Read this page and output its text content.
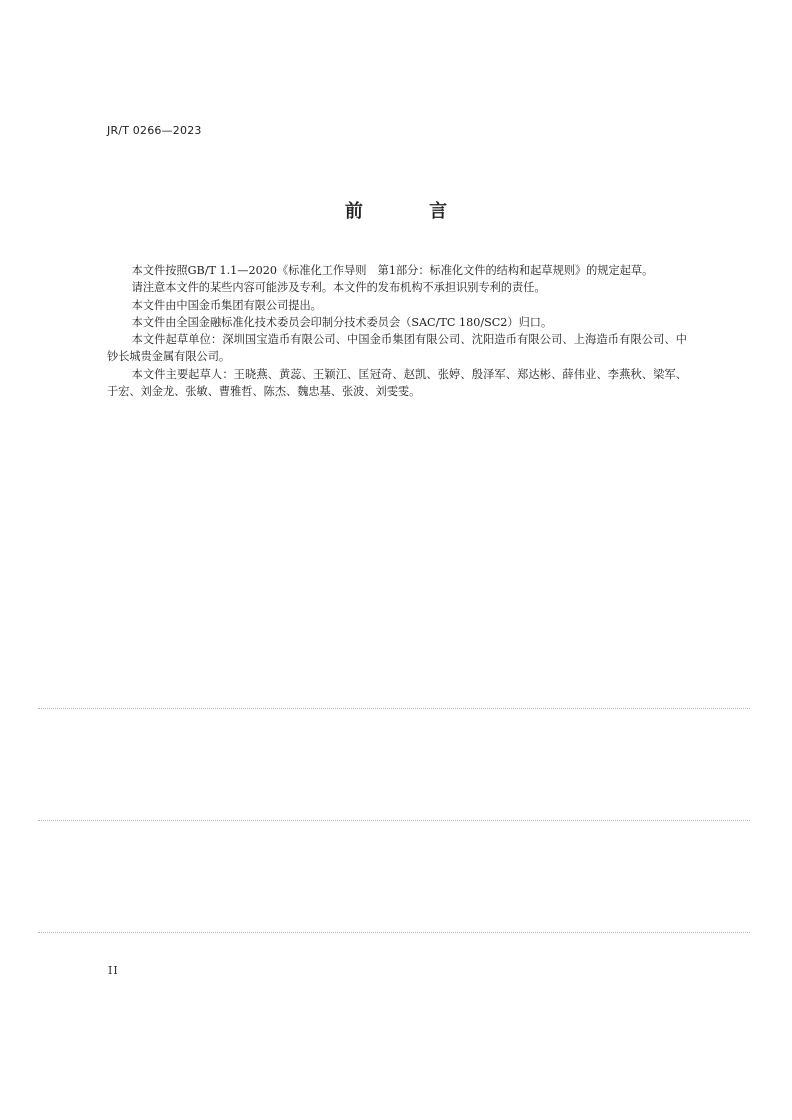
JR/T 0266—2023
前 言

本文件按照GB/T 1.1—2020《标准化工作导则　第1部分：标准化文件的结构和起草规则》的规定起草。

请注意本文件的某些内容可能涉及专利。本文件的发布机构不承担识别专利的责任。

本文件由中国金币集团有限公司提出。

本文件由全国金融标准化技术委员会印制分技术委员会（SAC/TC 180/SC2）归口。

本文件起草单位：深圳国宝造币有限公司、中国金币集团有限公司、沈阳造币有限公司、上海造币有限公司、中钞长城贵金属有限公司。

本文件主要起草人：王晓燕、黄蕊、王颖江、匡冠奇、赵凯、张婷、殷泽军、郑达彬、薛伟业、李燕秋、梁军、于宏、刘金龙、张敏、曹雅哲、陈杰、魏忠基、张波、刘雯雯。

II
